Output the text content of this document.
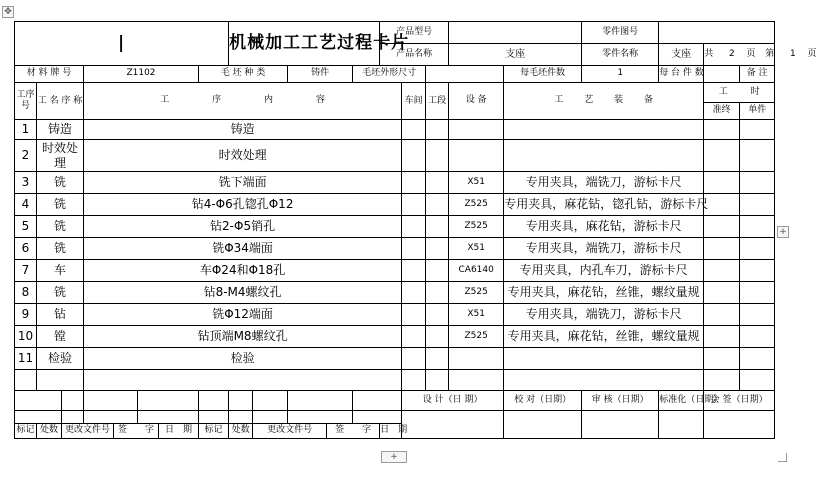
✥
|								机械加工工艺过程卡片					产品型号					零件图号				
													产品名称			支座		零件名称	支座	共 2 页 第 1 页		
材 料 牌 号			Z1102				毛 坯 种 类			铸件		毛坯外形尺寸					每毛坯件数	1	每 台 件 数		备 注	
工序号	工 名 序 称		工 序 内 容											车间	工段	设 备	工 艺 装 备			工 时		
																				准终	单件	
1	铸造		铸造																			
2	时效处理		时效处理																			
3	铣		铣下端面													X51	专用夹具，端铣刀，游标卡尺					
4	铣		钻4-Φ6孔锪孔Φ12													Z525	专用夹具，麻花钻，锪孔钻，游标卡尺					
5	铣		钻2-Φ5销孔													Z525	专用夹具，麻花钻，游标卡尺					
6	铣		铣Φ34端面													X51	专用夹具，端铣刀，游标卡尺					
7	车		车Φ24和Φ18孔													CA6140	专用夹具，内孔车刀，游标卡尺					
8	铣		钻8-M4螺纹孔													Z525	专用夹具，麻花钻，丝锥，螺纹量规					
9	钻		铣Φ12端面													X51	专用夹具，端铣刀，游标卡尺					
10	镗		钻顶端M8螺纹孔													Z525	专用夹具，麻花钻，丝锥，螺纹量规					
11	检验		检验																			

														设 计（日 期）			校 对（日期）	审 核（日期）	标准化（日期）	会 签（日期）		

标记	处数	更改文件号		签　　字		日　期	标记	处数	更改文件号		签　　字		日　期									
+
+
